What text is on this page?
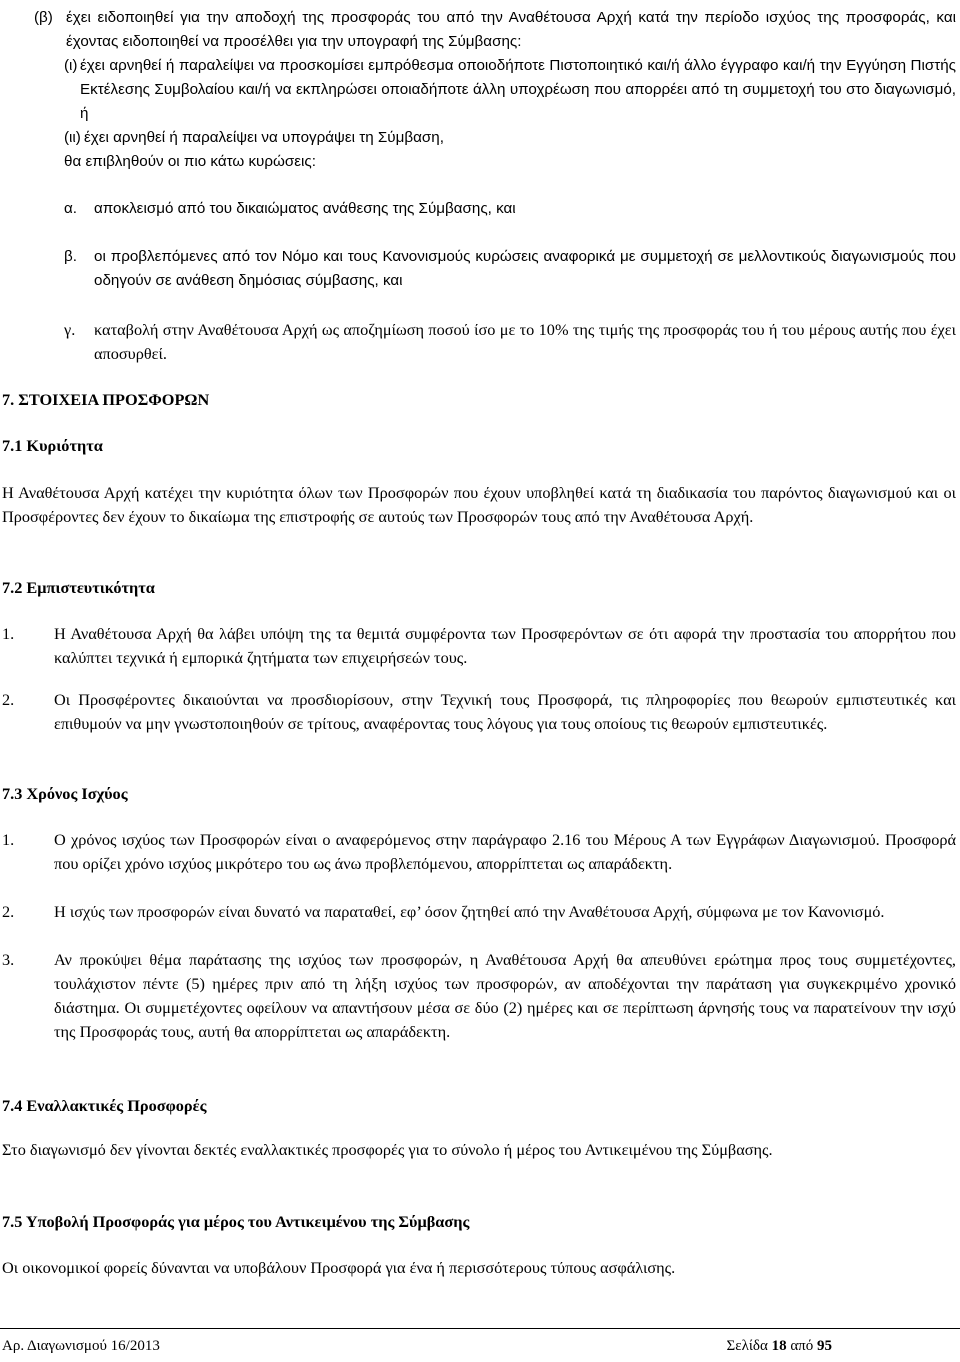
(β) έχει ειδοποιηθεί για την αποδοχή της προσφοράς του από την Αναθέτουσα Αρχή κατά την περίοδο ισχύος της προσφοράς, και έχοντας ειδοποιηθεί να προσέλθει για την υπογραφή της Σύμβασης:
(ι) έχει αρνηθεί ή παραλείψει να προσκομίσει εμπρόθεσμα οποιοδήποτε Πιστοποιητικό και/ή άλλο έγγραφο και/ή την Εγγύηση Πιστής Εκτέλεσης Συμβολαίου και/ή να εκπληρώσει οποιαδήποτε άλλη υποχρέωση που απορρέει από τη συμμετοχή του στο διαγωνισμό, ή
(ιι) έχει αρνηθεί ή παραλείψει να υπογράψει τη Σύμβαση,
θα επιβληθούν οι πιο κάτω κυρώσεις:
α.	αποκλεισμό από του δικαιώματος ανάθεσης της Σύμβασης, και
β.	οι προβλεπόμενες από τον Νόμο και τους Κανονισμούς κυρώσεις αναφορικά με συμμετοχή σε μελλοντικούς διαγωνισμούς που οδηγούν σε ανάθεση δημόσιας σύμβασης, και
γ.	καταβολή στην Αναθέτουσα Αρχή ως αποζημίωση ποσού ίσο με το 10% της τιμής της προσφοράς του ή του μέρους αυτής που έχει αποσυρθεί.
7. ΣΤΟΙΧΕΙΑ ΠΡΟΣΦΟΡΩΝ
7.1 Κυριότητα
Η Αναθέτουσα Αρχή κατέχει την κυριότητα όλων των Προσφορών που έχουν υποβληθεί κατά τη διαδικασία του παρόντος διαγωνισμού και οι Προσφέροντες δεν έχουν το δικαίωμα της επιστροφής σε αυτούς των Προσφορών τους από την Αναθέτουσα Αρχή.
7.2 Εμπιστευτικότητα
1.	Η Αναθέτουσα Αρχή θα λάβει υπόψη της τα θεμιτά συμφέροντα των Προσφερόντων σε ότι αφορά την προστασία του απορρήτου που καλύπτει τεχνικά ή εμπορικά ζητήματα των επιχειρήσεών τους.
2.	Οι Προσφέροντες δικαιούνται να προσδιορίσουν, στην Τεχνική τους Προσφορά, τις πληροφορίες που θεωρούν εμπιστευτικές και επιθυμούν να μην γνωστοποιηθούν σε τρίτους, αναφέροντας τους λόγους για τους οποίους τις θεωρούν εμπιστευτικές.
7.3 Χρόνος Ισχύος
1.	Ο χρόνος ισχύος των Προσφορών είναι ο αναφερόμενος στην παράγραφο 2.16 του Μέρους Α των Εγγράφων Διαγωνισμού. Προσφορά που ορίζει χρόνο ισχύος μικρότερο του ως άνω προβλεπόμενου, απορρίπτεται ως απαράδεκτη.
2.	Η ισχύς των προσφορών είναι δυνατό να παραταθεί, εφ’ όσον ζητηθεί από την Αναθέτουσα Αρχή, σύμφωνα με τον Κανονισμό.
3.	Αν προκύψει θέμα παράτασης της ισχύος των προσφορών, η Αναθέτουσα Αρχή θα απευθύνει ερώτημα προς τους συμμετέχοντες, τουλάχιστον πέντε (5) ημέρες πριν από τη λήξη ισχύος των προσφορών, αν αποδέχονται την παράταση για συγκεκριμένο χρονικό διάστημα. Οι συμμετέχοντες οφείλουν να απαντήσουν μέσα σε δύο (2) ημέρες και σε περίπτωση άρνησής τους να παρατείνουν την ισχύ της Προσφοράς τους, αυτή θα απορρίπτεται ως απαράδεκτη.
7.4 Εναλλακτικές Προσφορές
Στο διαγωνισμό δεν γίνονται δεκτές εναλλακτικές προσφορές για το σύνολο ή μέρος του Αντικειμένου της Σύμβασης.
7.5 Υποβολή Προσφοράς για μέρος του Αντικειμένου της Σύμβασης
Οι οικονομικοί φορείς δύνανται να υποβάλουν Προσφορά για ένα ή περισσότερους τύπους ασφάλισης.
Αρ. Διαγωνισμού 16/2013	Σελίδα 18 από 95
